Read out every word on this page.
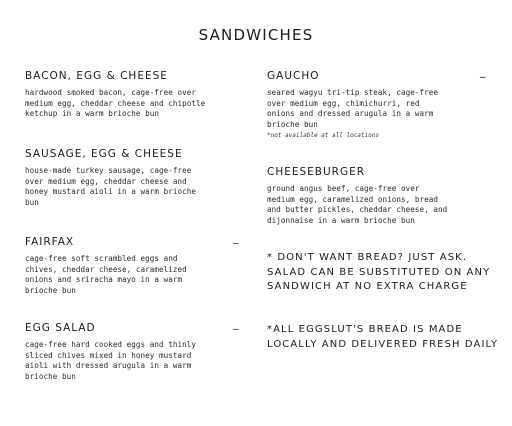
SANDWICHES
BACON, EGG & CHEESE
hardwood smoked bacon, cage-free over
medium egg, cheddar cheese and chipotle
ketchup in a warm brioche bun
SAUSAGE, EGG & CHEESE
house-made turkey sausage, cage-free
over medium egg, cheddar cheese and
honey mustard aioli in a warm brioche
bun
FAIRFAX
cage-free soft scrambled eggs and
chives, cheddar cheese, caramelized
onions and sriracha mayo in a warm
brioche bun
_
EGG SALAD
cage-free hard cooked eggs and thinly
sliced chives mixed in honey mustard
aioli with dressed arugula in a warm
brioche bun
_
GAUCHO
seared wagyu tri-tip steak, cage-free
over medium egg, chimichurri, red
onions and dressed arugula in a warm
brioche bun
*not available at all locations
_
CHEESEBURGER
ground angus beef, cage-free over
medium egg, caramelized onions, bread
and butter pickles, cheddar cheese, and
dijonnaise in a warm brioche bun
* DON'T WANT BREAD? JUST ASK.
SALAD CAN BE SUBSTITUTED ON ANY
SANDWICH AT NO EXTRA CHARGE
*ALL EGGSLUT'S BREAD IS MADE
LOCALLY AND DELIVERED FRESH DAILY
